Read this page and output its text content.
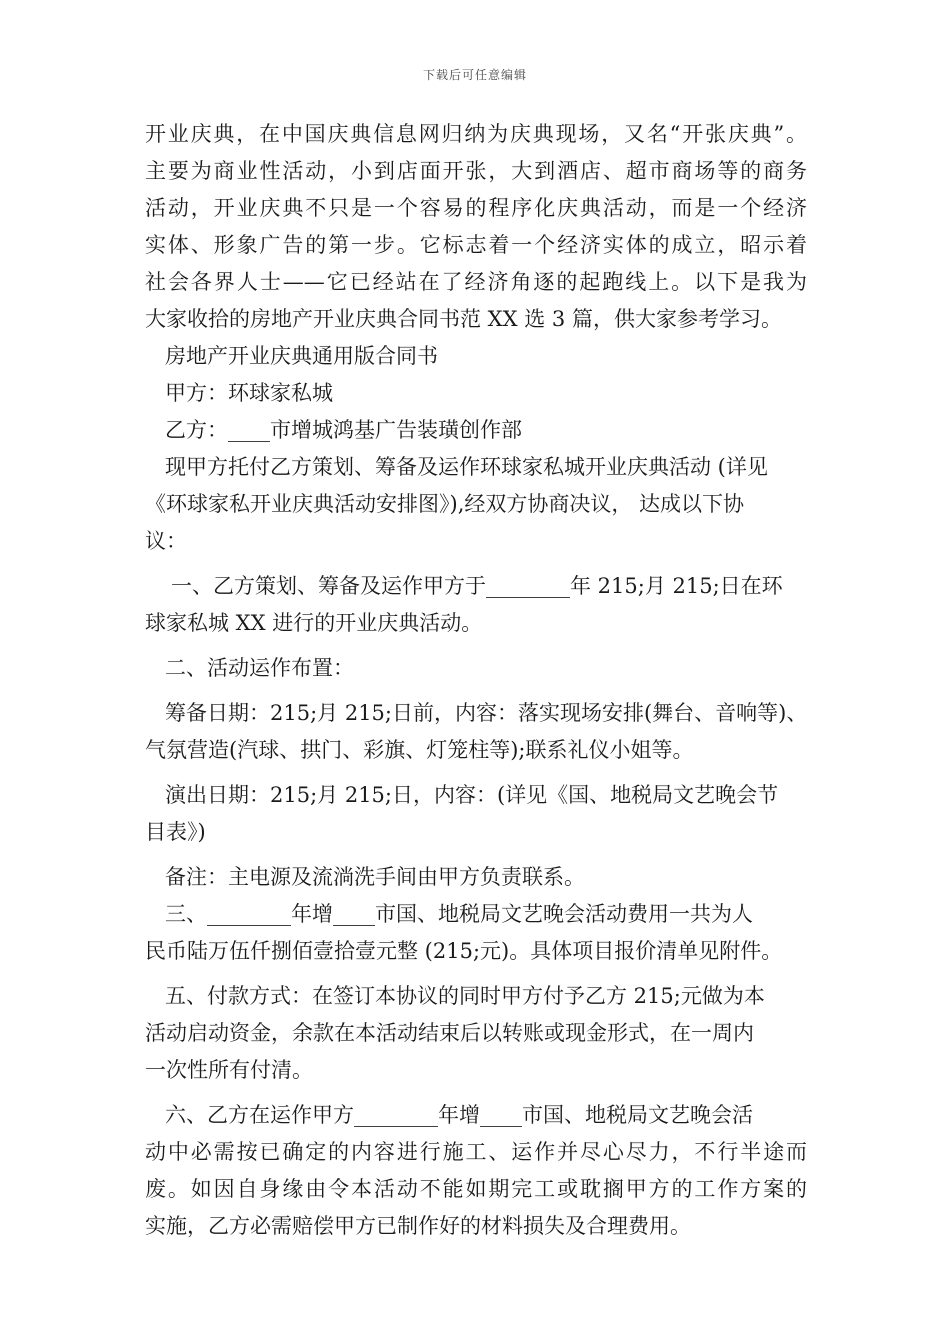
下载后可任意编辑

开业庆典，在中国庆典信息网归纳为庆典现场，又名“开张庆典”。

主要为商业性活动，小到店面开张，大到酒店、超市商场等的商务

活动，开业庆典不只是一个容易的程序化庆典活动，而是一个经济

实体、形象广告的第一步。它标志着一个经济实体的成立，昭示着

社会各界人士——它已经站在了经济角逐的起跑线上。以下是我为

大家收拾的房地产开业庆典合同书范 XX 选 3 篇，供大家参考学习。

房地产开业庆典通用版合同书

甲方：环球家私城

乙方：____市增城鸿基广告装璜创作部

现甲方托付乙方策划、筹备及运作环球家私城开业庆典活动 (详见

《环球家私开业庆典活动安排图》),经双方协商决议， 达成以下协

议：

一、乙方策划、筹备及运作甲方于________年 215;月 215;日在环

球家私城 XX 进行的开业庆典活动。

二、活动运作布置：

筹备日期：215;月 215;日前，内容：落实现场安排(舞台、音响等)、

气氛营造(汽球、拱门、彩旗、灯笼柱等);联系礼仪小姐等。

演出日期：215;月 215;日，内容：(详见《国、地税局文艺晚会节

目表》)

备注：主电源及流淌洗手间由甲方负责联系。

三、________年增____市国、地税局文艺晚会活动费用一共为人

民币陆万伍仟捌佰壹拾壹元整 (215;元)。具体项目报价清单见附件。

五、付款方式：在签订本协议的同时甲方付予乙方 215;元做为本

活动启动资金，余款在本活动结束后以转账或现金形式，在一周内

一次性所有付清。

六、乙方在运作甲方________年增____市国、地税局文艺晚会活

动中必需按已确定的内容进行施工、运作并尽心尽力，不行半途而

废。如因自身缘由令本活动不能如期完工或耽搁甲方的工作方案的

实施，乙方必需赔偿甲方已制作好的材料损失及合理费用。
